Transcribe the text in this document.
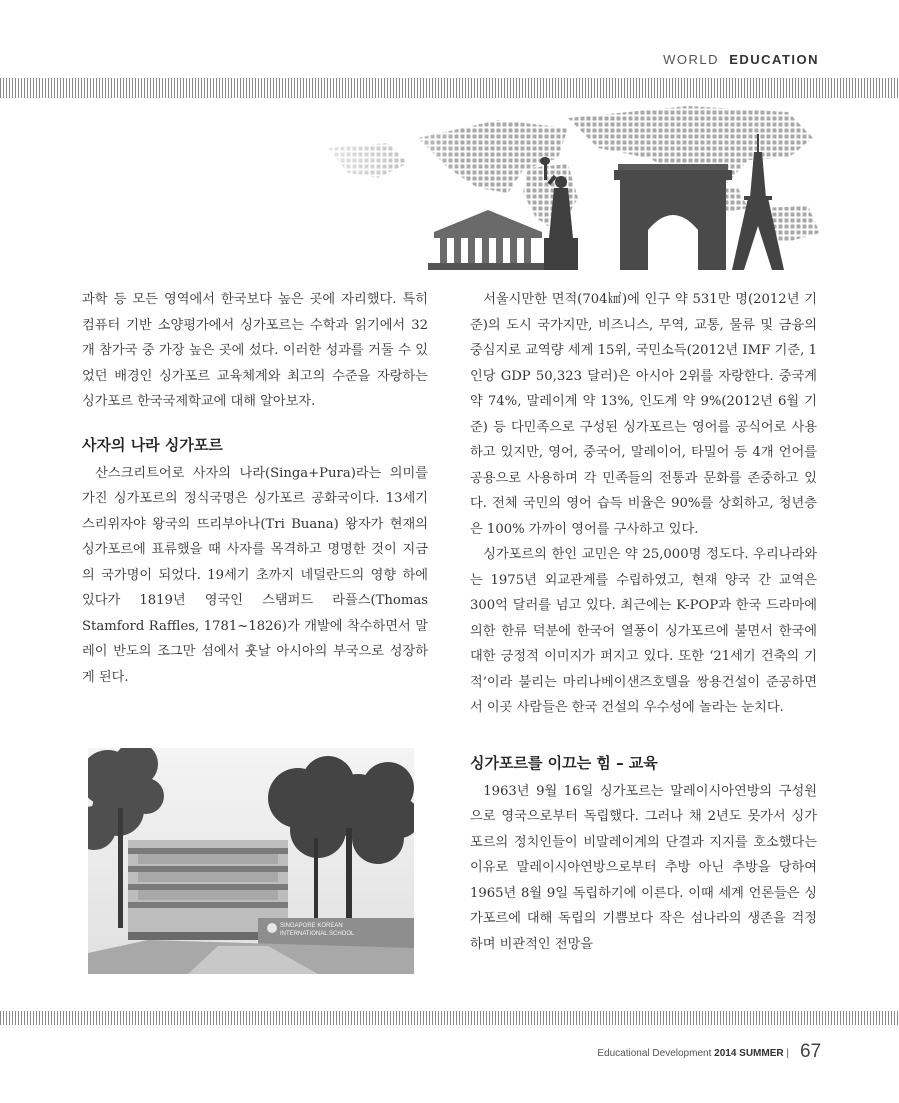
WORLD EDUCATION

과학 등 모든 영역에서 한국보다 높은 곳에 자리했다. 특히 컴퓨터 기반 소양평가에서 싱가포르는 수학과 읽기에서 32개 참가국 중 가장 높은 곳에 섰다. 이러한 성과를 거둘 수 있었던 배경인 싱가포르 교육체계와 최고의 수준을 자랑하는 싱가포르 한국국제학교에 대해 알아보자.

사자의 나라 싱가포르

산스크리트어로 사자의 나라(Singa+Pura)라는 의미를 가진 싱가포르의 정식국명은 싱가포르 공화국이다. 13세기 스리위자야 왕국의 뜨리부아나(Tri Buana) 왕자가 현재의 싱가포르에 표류했을 때 사자를 목격하고 명명한 것이 지금의 국가명이 되었다. 19세기 초까지 네덜란드의 영향 하에 있다가 1819년 영국인 스탬퍼드 라플스(Thomas Stamford Raffles, 1781~1826)가 개발에 착수하면서 말레이 반도의 조그만 섬에서 훗날 아시아의 부국으로 성장하게 된다.

SINGAPORE KOREAN
INTERNATIONAL SCHOOL

서울시만한 면적(704㎢)에 인구 약 531만 명(2012년 기준)의 도시 국가지만, 비즈니스, 무역, 교통, 물류 및 금융의 중심지로 교역량 세계 15위, 국민소득(2012년 IMF 기준, 1인당 GDP 50,323 달러)은 아시아 2위를 자랑한다. 중국계 약 74%, 말레이계 약 13%, 인도계 약 9%(2012년 6월 기준) 등 다민족으로 구성된 싱가포르는 영어를 공식어로 사용하고 있지만, 영어, 중국어, 말레이어, 타밀어 등 4개 언어를 공용으로 사용하며 각 민족들의 전통과 문화를 존중하고 있다. 전체 국민의 영어 습득 비율은 90%를 상회하고, 청년층은 100% 가까이 영어를 구사하고 있다.

싱가포르의 한인 교민은 약 25,000명 정도다. 우리나라와는 1975년 외교관계를 수립하였고, 현재 양국 간 교역은 300억 달러를 넘고 있다. 최근에는 K-POP과 한국 드라마에 의한 한류 덕분에 한국어 열풍이 싱가포르에 불면서 한국에 대한 긍정적 이미지가 퍼지고 있다. 또한 ‘21세기 건축의 기적’이라 불리는 마리나베이샌즈호텔을 쌍용건설이 준공하면서 이곳 사람들은 한국 건설의 우수성에 놀라는 눈치다.

싱가포르를 이끄는 힘 – 교육

1963년 9월 16일 싱가포르는 말레이시아연방의 구성원으로 영국으로부터 독립했다. 그러나 채 2년도 못가서 싱가포르의 정치인들이 비말레이계의 단결과 지지를 호소했다는 이유로 말레이시아연방으로부터 추방 아닌 추방을 당하여 1965년 8월 9일 독립하기에 이른다. 이때 세계 언론들은 싱가포르에 대해 독립의 기쁨보다 작은 섬나라의 생존을 걱정하며 비관적인 전망을

Educational Development 2014 SUMMER | 67
